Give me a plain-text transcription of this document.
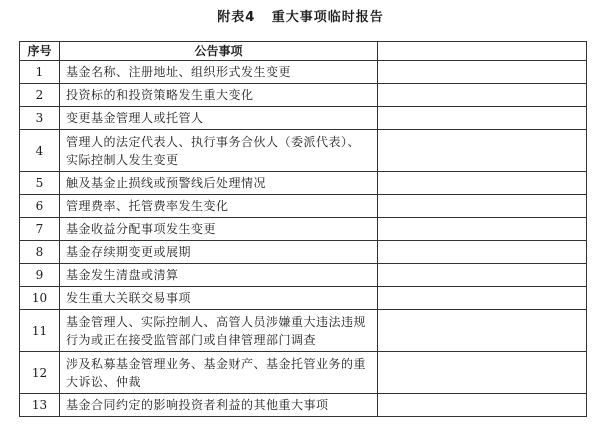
附表4   重大事项临时报告
序号	公告事项	
1	基金名称、注册地址、组织形式发生变更	
2	投资标的和投资策略发生重大变化	
3	变更基金管理人或托管人	
4	管理人的法定代表人、执行事务合伙人（委派代表）、实际控制人发生变更	
5	触及基金止损线或预警线后处理情况	
6	管理费率、托管费率发生变化	
7	基金收益分配事项发生变更	
8	基金存续期变更或展期	
9	基金发生清盘或清算	
10	发生重大关联交易事项	
11	基金管理人、实际控制人、高管人员涉嫌重大违法违规行为或正在接受监管部门或自律管理部门调查	
12	涉及私募基金管理业务、基金财产、基金托管业务的重大诉讼、仲裁	
13	基金合同约定的影响投资者利益的其他重大事项	
